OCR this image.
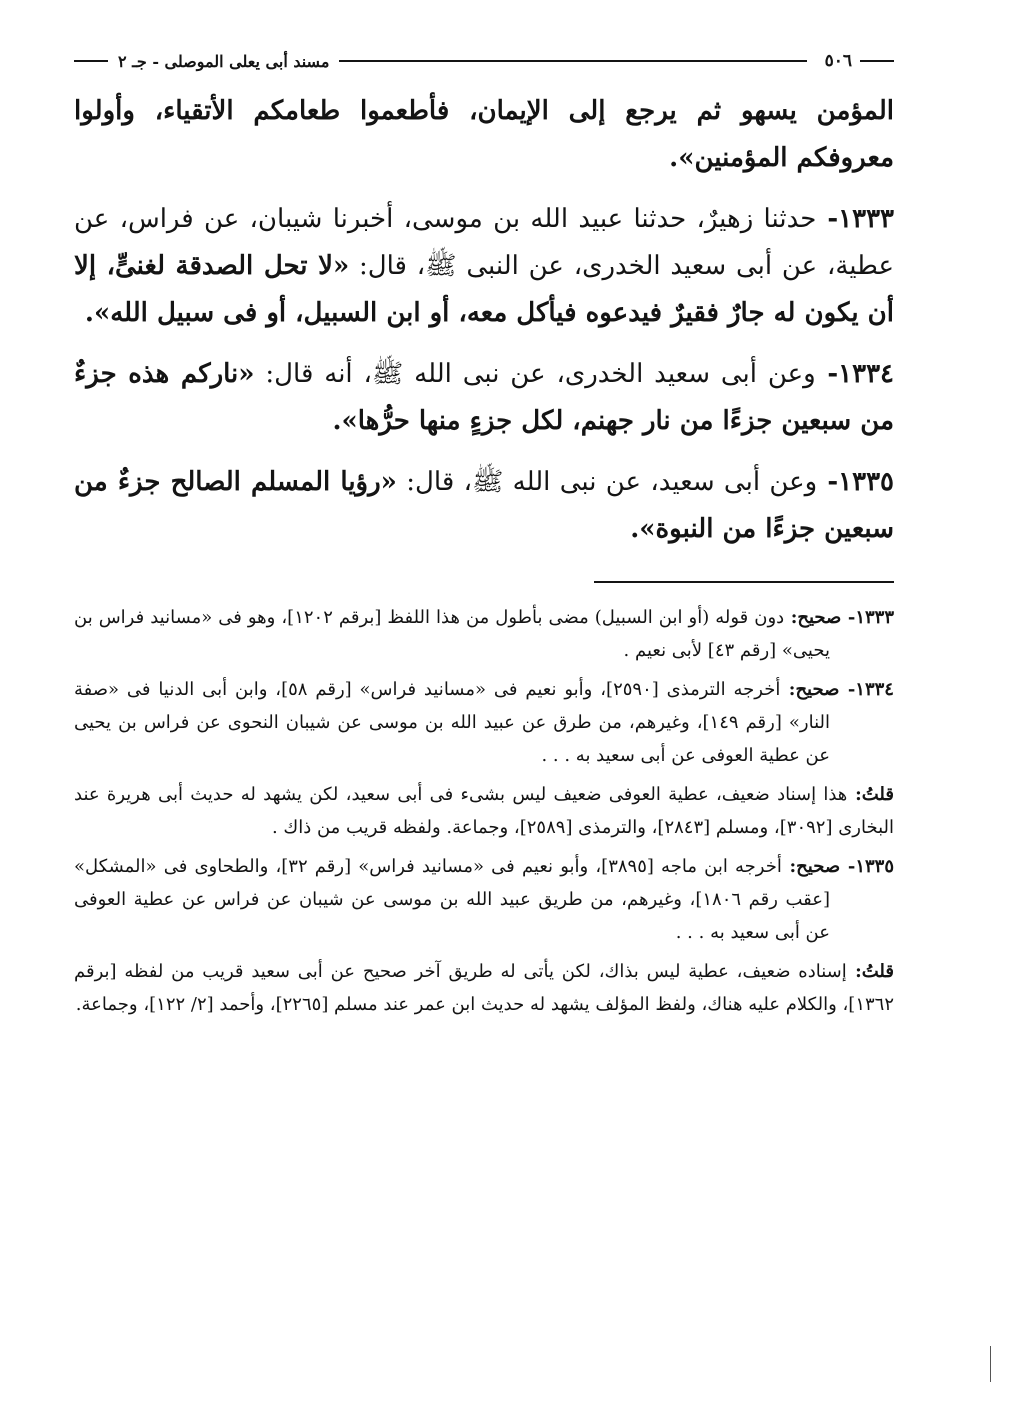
٥٠٦
مسند أبى يعلى الموصلى - جـ ٢

المؤمن يسهو ثم يرجع إلى الإيمان، فأطعموا طعامكم الأتقياء، وأولوا معروفكم المؤمنين».

١٣٣٣- حدثنا زهيرٌ، حدثنا عبيد الله بن موسى، أخبرنا شيبان، عن فراس، عن عطية، عن أبى سعيد الخدرى، عن النبى ﷺ، قال: «لا تحل الصدقة لغنىٍّ، إلا أن يكون له جارٌ فقيرٌ فيدعوه فيأكل معه، أو ابن السبيل، أو فى سبيل الله».

١٣٣٤- وعن أبى سعيد الخدرى، عن نبى الله ﷺ، أنه قال: «ناركم هذه جزءٌ من سبعين جزءًا من نار جهنم، لكل جزءٍ منها حرُّها».

١٣٣٥- وعن أبى سعيد، عن نبى الله ﷺ، قال: «رؤيا المسلم الصالح جزءٌ من سبعين جزءًا من النبوة».

١٣٣٣- صحيح: دون قوله (أو ابن السبيل) مضى بأطول من هذا اللفظ [برقم ١٢٠٢]، وهو فى «مسانيد فراس بن يحيى» [رقم ٤٣] لأبى نعيم .

١٣٣٤- صحيح: أخرجه الترمذى [٢٥٩٠]، وأبو نعيم فى «مسانيد فراس» [رقم ٥٨]، وابن أبى الدنيا فى «صفة النار» [رقم ١٤٩]، وغيرهم، من طرق عن عبيد الله بن موسى عن شيبان النحوى عن فراس بن يحيى عن عطية العوفى عن أبى سعيد به . . .

قلتُ: هذا إسناد ضعيف، عطية العوفى ضعيف ليس بشىء فى أبى سعيد، لكن يشهد له حديث أبى هريرة عند البخارى [٣٠٩٢]، ومسلم [٢٨٤٣]، والترمذى [٢٥٨٩]، وجماعة. ولفظه قريب من ذاك .

١٣٣٥- صحيح: أخرجه ابن ماجه [٣٨٩٥]، وأبو نعيم فى «مسانيد فراس» [رقم ٣٢]، والطحاوى فى «المشكل» [عقب رقم ١٨٠٦]، وغيرهم، من طريق عبيد الله بن موسى عن شيبان عن فراس عن عطية العوفى عن أبى سعيد به . . .

قلتُ: إسناده ضعيف، عطية ليس بذاك، لكن يأتى له طريق آخر صحيح عن أبى سعيد قريب من لفظه [برقم ١٣٦٢]، والكلام عليه هناك، ولفظ المؤلف يشهد له حديث ابن عمر عند مسلم [٢٢٦٥]، وأحمد [٢/ ١٢٢]، وجماعة.
